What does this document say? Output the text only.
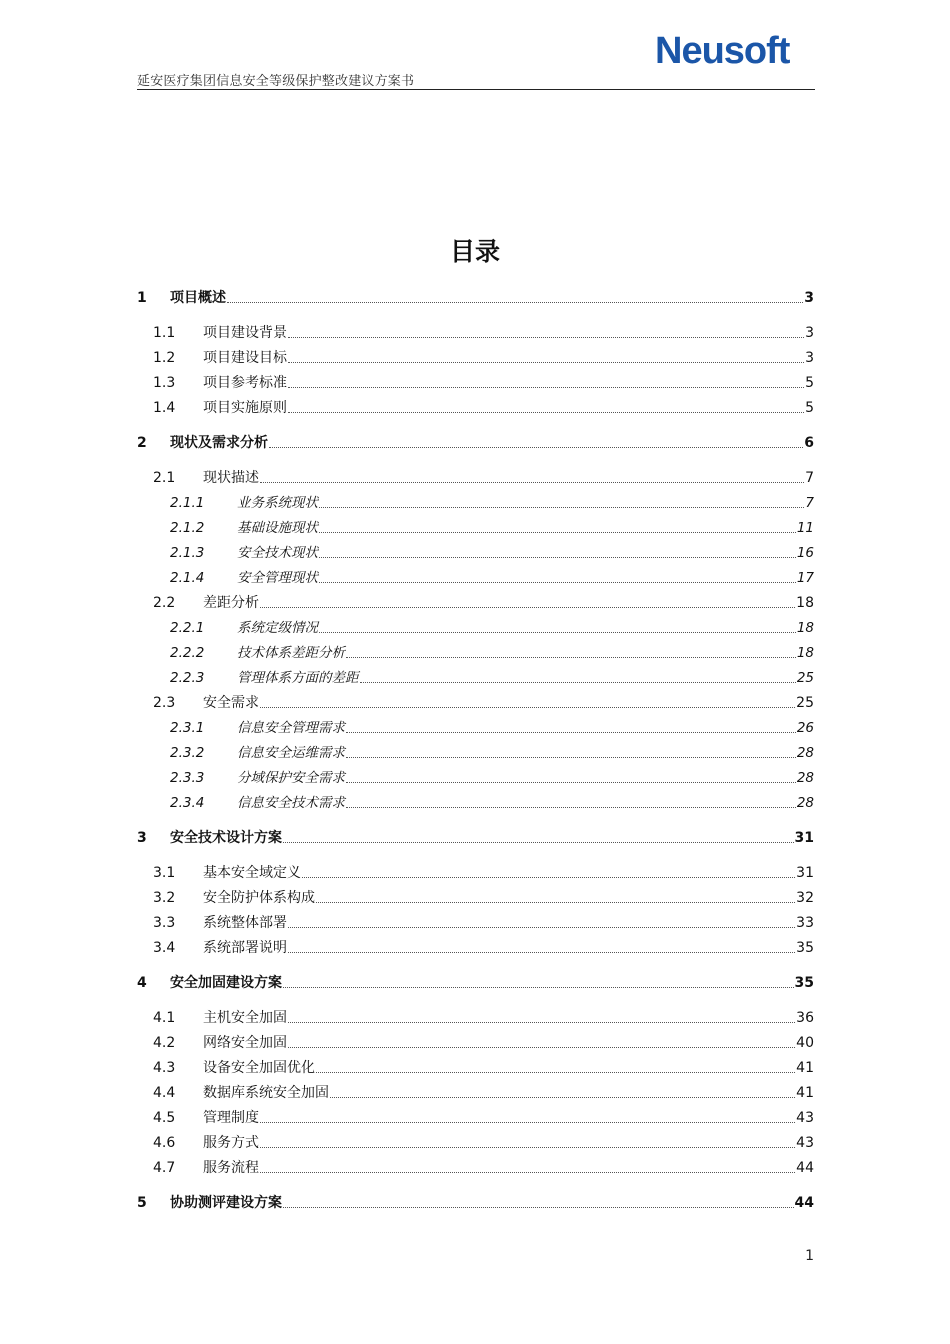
延安医疗集团信息安全等级保护整改建议方案书
Neusoft
目录
1	项目概述	3
1.1	项目建设背景	3
1.2	项目建设目标	3
1.3	项目参考标准	5
1.4	项目实施原则	5
2	现状及需求分析	6
2.1	现状描述	7
2.1.1	业务系统现状	7
2.1.2	基础设施现状	11
2.1.3	安全技术现状	16
2.1.4	安全管理现状	17
2.2	差距分析	18
2.2.1	系统定级情况	18
2.2.2	技术体系差距分析	18
2.2.3	管理体系方面的差距	25
2.3	安全需求	25
2.3.1	信息安全管理需求	26
2.3.2	信息安全运维需求	28
2.3.3	分域保护安全需求	28
2.3.4	信息安全技术需求	28
3	安全技术设计方案	31
3.1	基本安全域定义	31
3.2	安全防护体系构成	32
3.3	系统整体部署	33
3.4	系统部署说明	35
4	安全加固建设方案	35
4.1	主机安全加固	36
4.2	网络安全加固	40
4.3	设备安全加固优化	41
4.4	数据库系统安全加固	41
4.5	管理制度	43
4.6	服务方式	43
4.7	服务流程	44
5	协助测评建设方案	44
1
